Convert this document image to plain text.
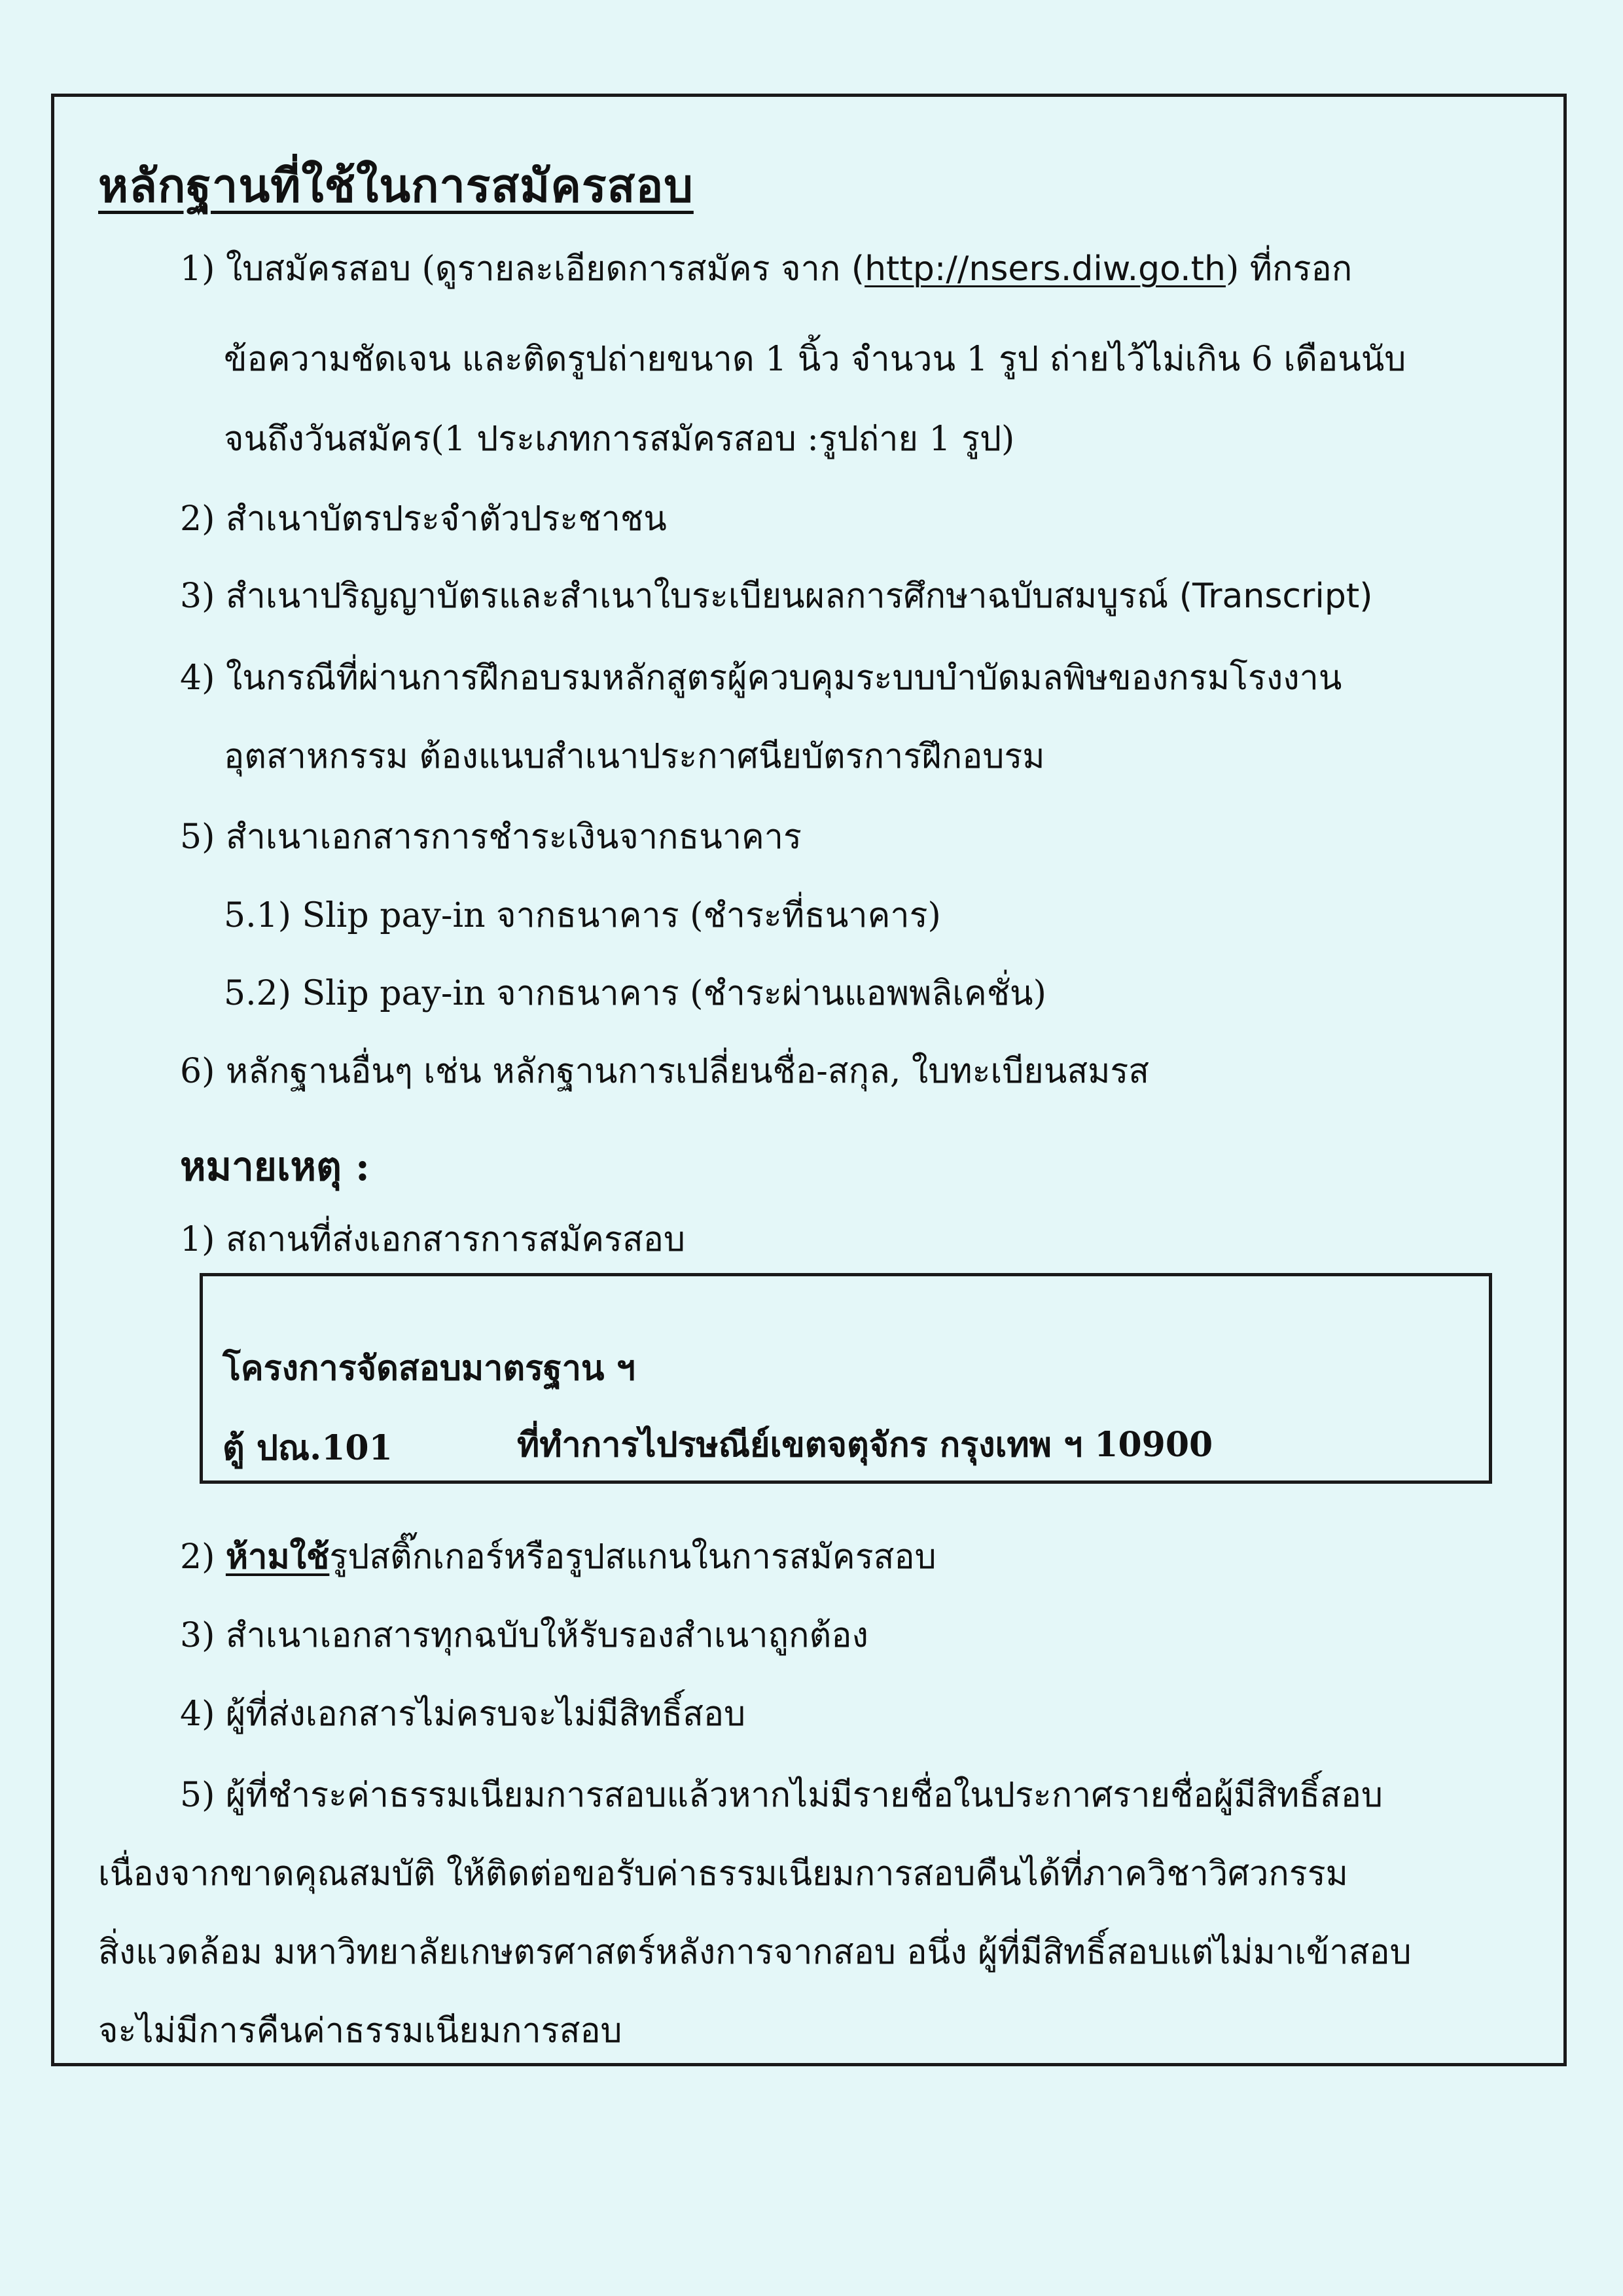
หลักฐานที่ใช้ในการสมัครสอบ
1) ใบสมัครสอบ (ดูรายละเอียดการสมัคร จาก (http://nsers.diw.go.th) ที่กรอก
ข้อความชัดเจน และติดรูปถ่ายขนาด 1 นิ้ว จำนวน 1 รูป ถ่ายไว้ไม่เกิน 6 เดือนนับ
จนถึงวันสมัคร(1 ประเภทการสมัครสอบ :รูปถ่าย 1 รูป)
2) สำเนาบัตรประจำตัวประชาชน
3) สำเนาปริญญาบัตรและสำเนาใบระเบียนผลการศึกษาฉบับสมบูรณ์ (Transcript)
4) ในกรณีที่ผ่านการฝึกอบรมหลักสูตรผู้ควบคุมระบบบำบัดมลพิษของกรมโรงงาน
อุตสาหกรรม ต้องแนบสำเนาประกาศนียบัตรการฝึกอบรม
5) สำเนาเอกสารการชำระเงินจากธนาคาร
5.1) Slip pay-in จากธนาคาร (ชำระที่ธนาคาร)
5.2) Slip pay-in จากธนาคาร (ชำระผ่านแอพพลิเคชั่น)
6) หลักฐานอื่นๆ เช่น หลักฐานการเปลี่ยนชื่อ-สกุล, ใบทะเบียนสมรส
หมายเหตุ :
1) สถานที่ส่งเอกสารการสมัครสอบ
โครงการจัดสอบมาตรฐาน ฯ
ตู้ ปณ.101	ที่ทำการไปรษณีย์เขตจตุจักร กรุงเทพ ฯ 10900
2) ห้ามใช้รูปสติ๊กเกอร์หรือรูปสแกนในการสมัครสอบ
3) สำเนาเอกสารทุกฉบับให้รับรองสำเนาถูกต้อง
4) ผู้ที่ส่งเอกสารไม่ครบจะไม่มีสิทธิ์สอบ
5) ผู้ที่ชำระค่าธรรมเนียมการสอบแล้วหากไม่มีรายชื่อในประกาศรายชื่อผู้มีสิทธิ์สอบ
เนื่องจากขาดคุณสมบัติ ให้ติดต่อขอรับค่าธรรมเนียมการสอบคืนได้ที่ภาควิชาวิศวกรรม
สิ่งแวดล้อม มหาวิทยาลัยเกษตรศาสตร์หลังการจากสอบ อนึ่ง ผู้ที่มีสิทธิ์สอบแต่ไม่มาเข้าสอบ
จะไม่มีการคืนค่าธรรมเนียมการสอบ
